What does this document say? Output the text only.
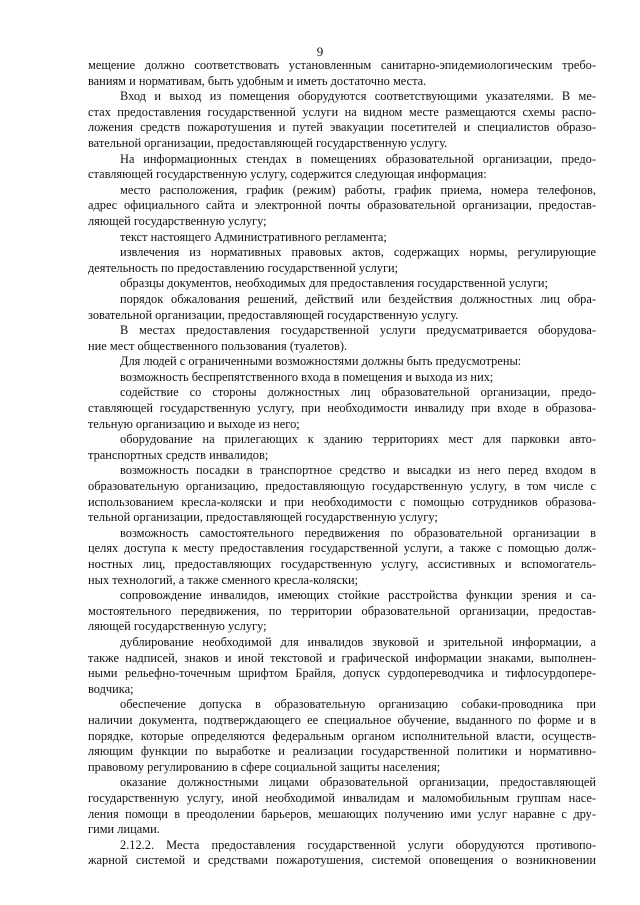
9
мещение должно соответствовать установленным санитарно-эпидемиологическим требо-
ваниям и нормативам, быть удобным и иметь достаточно места.
Вход и выход из помещения оборудуются соответствующими указателями. В ме-
стах предоставления государственной услуги на видном месте размещаются схемы распо-
ложения средств пожаротушения и путей эвакуации посетителей и специалистов образо-
вательной организации, предоставляющей государственную услугу.
На информационных стендах в помещениях образовательной организации, предо-
ставляющей государственную услугу, содержится следующая информация:
место расположения, график (режим) работы, график приема, номера телефонов,
адрес официального сайта и электронной почты образовательной организации, предостав-
ляющей государственную услугу;
текст настоящего Административного регламента;
извлечения из нормативных правовых актов, содержащих нормы, регулирующие
деятельность по предоставлению государственной услуги;
образцы документов, необходимых для предоставления государственной услуги;
порядок обжалования решений, действий или бездействия должностных лиц обра-
зовательной организации, предоставляющей государственную услугу.
В местах предоставления государственной услуги предусматривается оборудова-
ние мест общественного пользования (туалетов).
Для людей с ограниченными возможностями должны быть предусмотрены:
возможность беспрепятственного входа в помещения и выхода из них;
содействие со стороны должностных лиц образовательной организации, предо-
ставляющей государственную услугу, при необходимости инвалиду при входе в образова-
тельную организацию и выходе из него;
оборудование на прилегающих к зданию территориях мест для парковки авто-
транспортных средств инвалидов;
возможность посадки в транспортное средство и высадки из него перед входом в
образовательную организацию, предоставляющую государственную услугу, в том числе с
использованием кресла-коляски и при необходимости с помощью сотрудников образова-
тельной организации, предоставляющей государственную услугу;
возможность самостоятельного передвижения по образовательной организации в
целях доступа к месту предоставления государственной услуги, а также с помощью долж-
ностных лиц, предоставляющих государственную услугу, ассистивных и вспомогатель-
ных технологий, а также сменного кресла-коляски;
сопровождение инвалидов, имеющих стойкие расстройства функции зрения и са-
мостоятельного передвижения, по территории образовательной организации, предостав-
ляющей государственную услугу;
дублирование необходимой для инвалидов звуковой и зрительной информации, а
также надписей, знаков и иной текстовой и графической информации знаками, выполнен-
ными рельефно-точечным шрифтом Брайля, допуск сурдопереводчика и тифлосурдопере-
водчика;
обеспечение допуска в образовательную организацию собаки-проводника при
наличии документа, подтверждающего ее специальное обучение, выданного по форме и в
порядке, которые определяются федеральным органом исполнительной власти, осуществ-
ляющим функции по выработке и реализации государственной политики и нормативно-
правовому регулированию в сфере социальной защиты населения;
оказание должностными лицами образовательной организации, предоставляющей
государственную услугу, иной необходимой инвалидам и маломобильным группам насе-
ления помощи в преодолении барьеров, мешающих получению ими услуг наравне с дру-
гими лицами.
2.12.2. Места предоставления государственной услуги оборудуются противопо-
жарной системой и средствами пожаротушения, системой оповещения о возникновении
